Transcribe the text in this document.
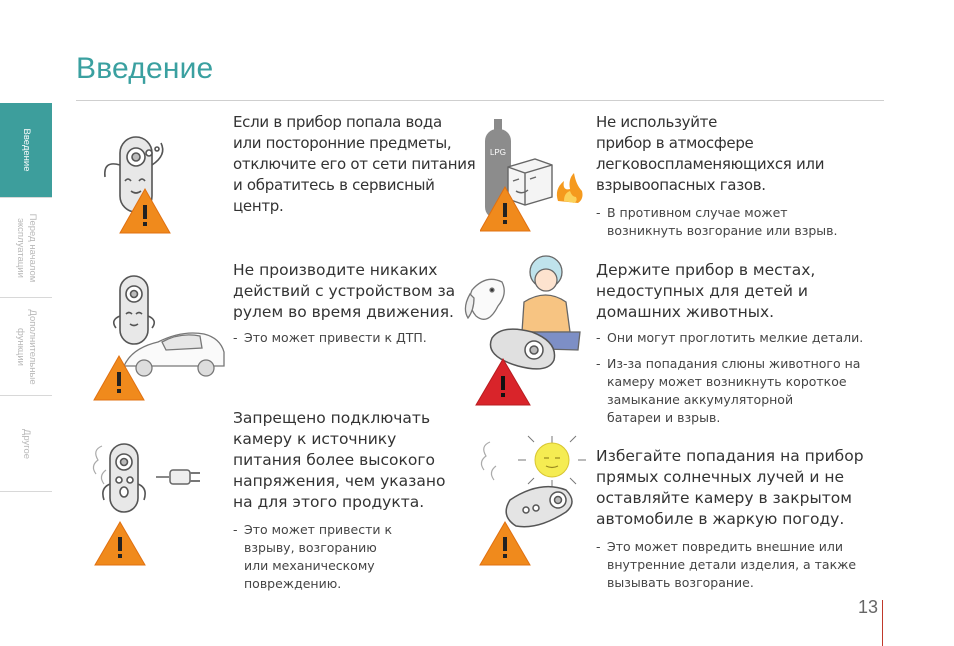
Введение
Введение
Перед началом
эксплуатации
Дополнительные
функции
Другое
LPG
Если в прибор попала вода
или посторонние предметы,
отключите его от сети питания
и обратитесь в сервисный
центр.
Не используйте
прибор в атмосфере
легковоспламеняющихся или
взрывоопасных газов.
- В противном случае может
возникнуть возгорание или взрыв.
Не производите никаких
действий с устройством за
рулем во время движения.
- Это может привести к ДТП.
Держите прибор в местах,
недоступных для детей и
домашних животных.
- Они могут проглотить мелкие детали.
- Из-за попадания слюны животного на
камеру может возникнуть короткое
замыкание аккумуляторной
батареи и взрыв.
Запрещено подключать
камеру к источнику
питания более высокого
напряжения, чем указано
на для этого продукта.
- Это может привести к
взрыву, возгоранию
или механическому
повреждению.
Избегайте попадания на прибор
прямых солнечных лучей и не
оставляйте камеру в закрытом
автомобиле в жаркую погоду.
- Это может повредить внешние или
внутренние детали изделия, а также
вызывать возгорание.
13
